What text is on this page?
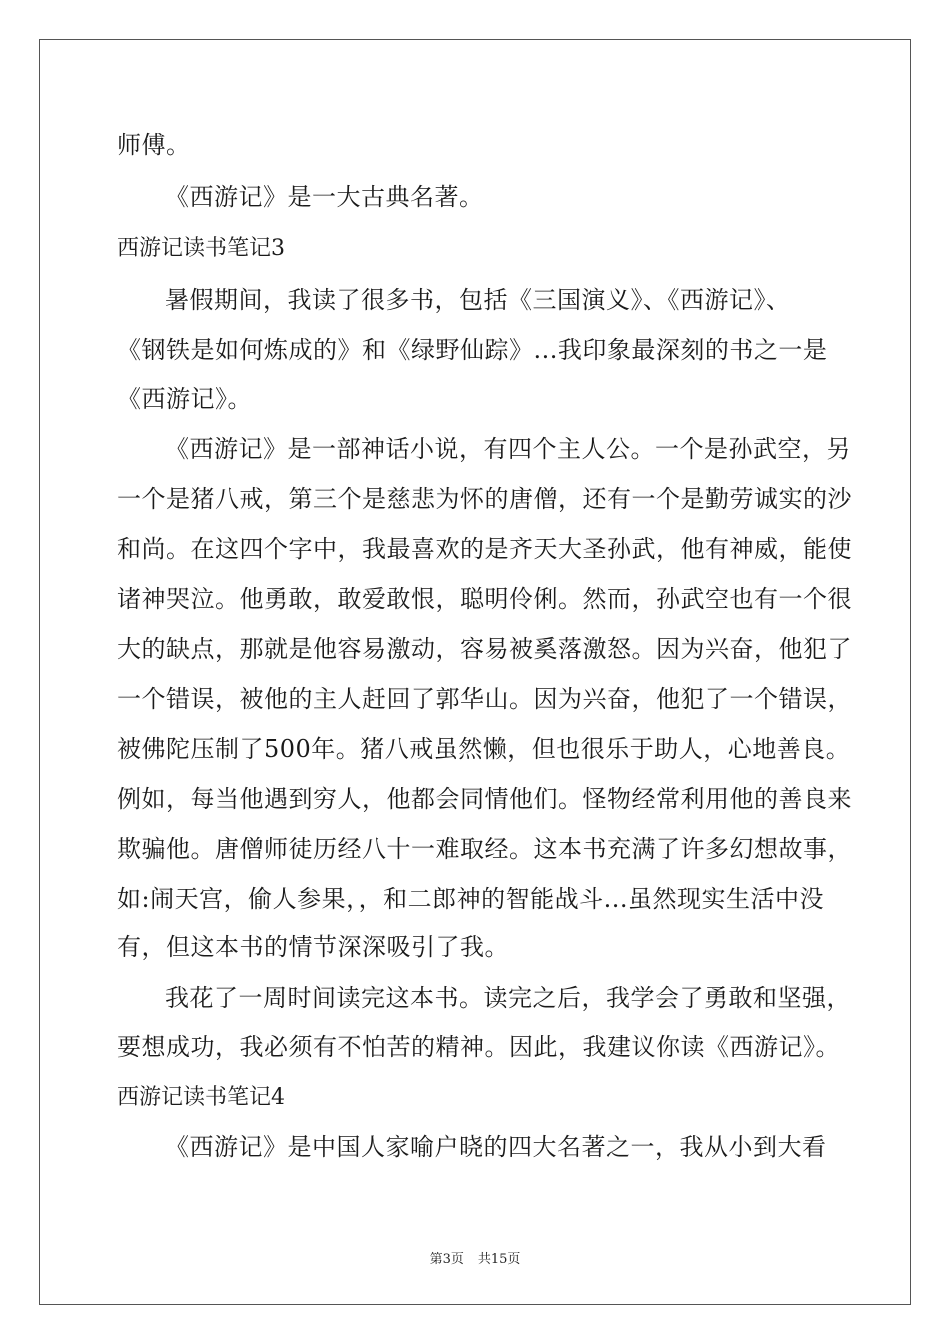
师傅。
《西游记》是一大古典名著。
西游记读书笔记3
暑假期间，我读了很多书，包括《三国演义》、《西游记》、
《钢铁是如何炼成的》和《绿野仙踪》...我印象最深刻的书之一是
《西游记》。
《西游记》是一部神话小说，有四个主人公。一个是孙武空，另
一个是猪八戒，第三个是慈悲为怀的唐僧，还有一个是勤劳诚实的沙
和尚。在这四个字中，我最喜欢的是齐天大圣孙武，他有神威，能使
诸神哭泣。他勇敢，敢爱敢恨，聪明伶俐。然而，孙武空也有一个很
大的缺点，那就是他容易激动，容易被奚落激怒。因为兴奋，他犯了
一个错误，被他的主人赶回了郭华山。因为兴奋，他犯了一个错误，
被佛陀压制了500年。猪八戒虽然懒，但也很乐于助人，心地善良。
例如，每当他遇到穷人，他都会同情他们。怪物经常利用他的善良来
欺骗他。唐僧师徒历经八十一难取经。这本书充满了许多幻想故事，
如:闹天宫，偷人参果，，和二郎神的智能战斗...虽然现实生活中没
有，但这本书的情节深深吸引了我。
我花了一周时间读完这本书。读完之后，我学会了勇敢和坚强，
要想成功，我必须有不怕苦的精神。因此，我建议你读《西游记》。
西游记读书笔记4
《西游记》是中国人家喻户晓的四大名著之一，我从小到大看
第3页 共15页
